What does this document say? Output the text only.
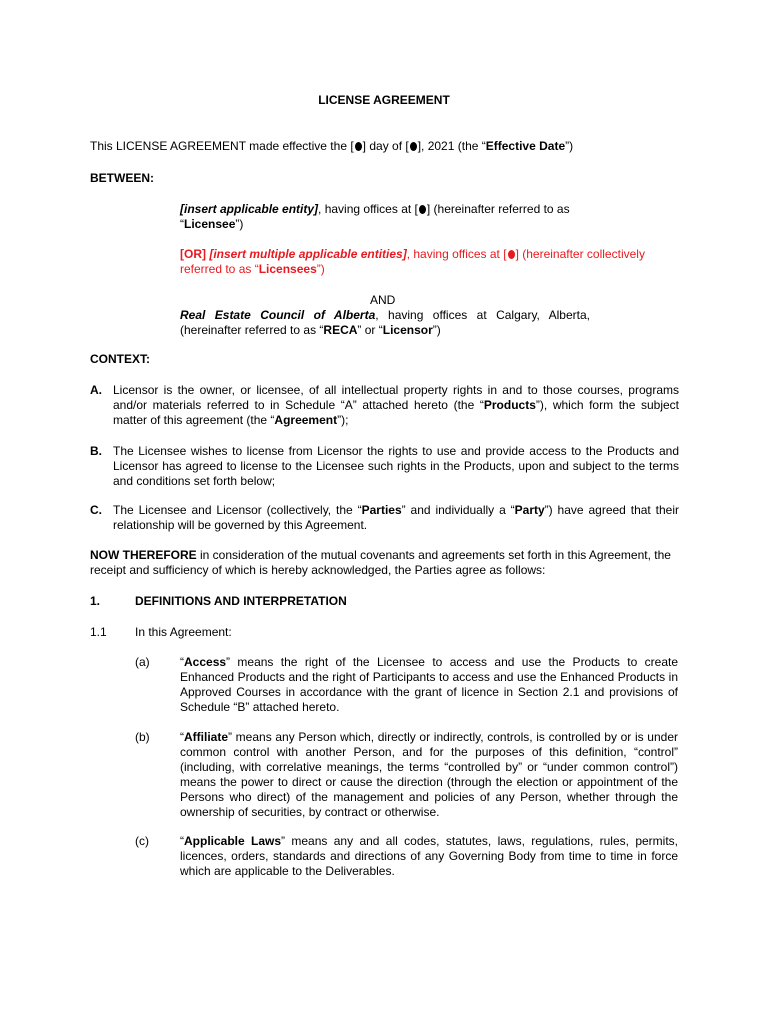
LICENSE AGREEMENT
This LICENSE AGREEMENT made effective the [ ] day of [ ], 2021 (the “Effective Date”)
BETWEEN:
[insert applicable entity], having offices at [ ] (hereinafter referred to as
“Licensee”)
[OR] [insert multiple applicable entities], having offices at [ ] (hereinafter collectively
referred to as “Licensees”)
AND
Real Estate Council of Alberta, having offices at Calgary, Alberta,
(hereinafter referred to as “RECA” or “Licensor”)
CONTEXT:
A. Licensor is the owner, or licensee, of all intellectual property rights in and to those courses, programs and/or materials referred to in Schedule “A” attached hereto (the “Products”), which form the subject matter of this agreement (the “Agreement”);
B. The Licensee wishes to license from Licensor the rights to use and provide access to the Products and Licensor has agreed to license to the Licensee such rights in the Products, upon and subject to the terms and conditions set forth below;
C. The Licensee and Licensor (collectively, the “Parties” and individually a “Party”) have agreed that their relationship will be governed by this Agreement.
NOW THEREFORE in consideration of the mutual covenants and agreements set forth in this Agreement, the receipt and sufficiency of which is hereby acknowledged, the Parties agree as follows:
1.	DEFINITIONS AND INTERPRETATION
1.1 In this Agreement:
(a)	“Access” means the right of the Licensee to access and use the Products to create Enhanced Products and the right of Participants to access and use the Enhanced Products in Approved Courses in accordance with the grant of licence in Section 2.1 and provisions of Schedule “B” attached hereto.
(b)	“Affiliate” means any Person which, directly or indirectly, controls, is controlled by or is under common control with another Person, and for the purposes of this definition, “control” (including, with correlative meanings, the terms “controlled by” or “under common control”) means the power to direct or cause the direction (through the election or appointment of the Persons who direct) of the management and policies of any Person, whether through the ownership of securities, by contract or otherwise.
(c)	“Applicable Laws” means any and all codes, statutes, laws, regulations, rules, permits, licences, orders, standards and directions of any Governing Body from time to time in force which are applicable to the Deliverables.
